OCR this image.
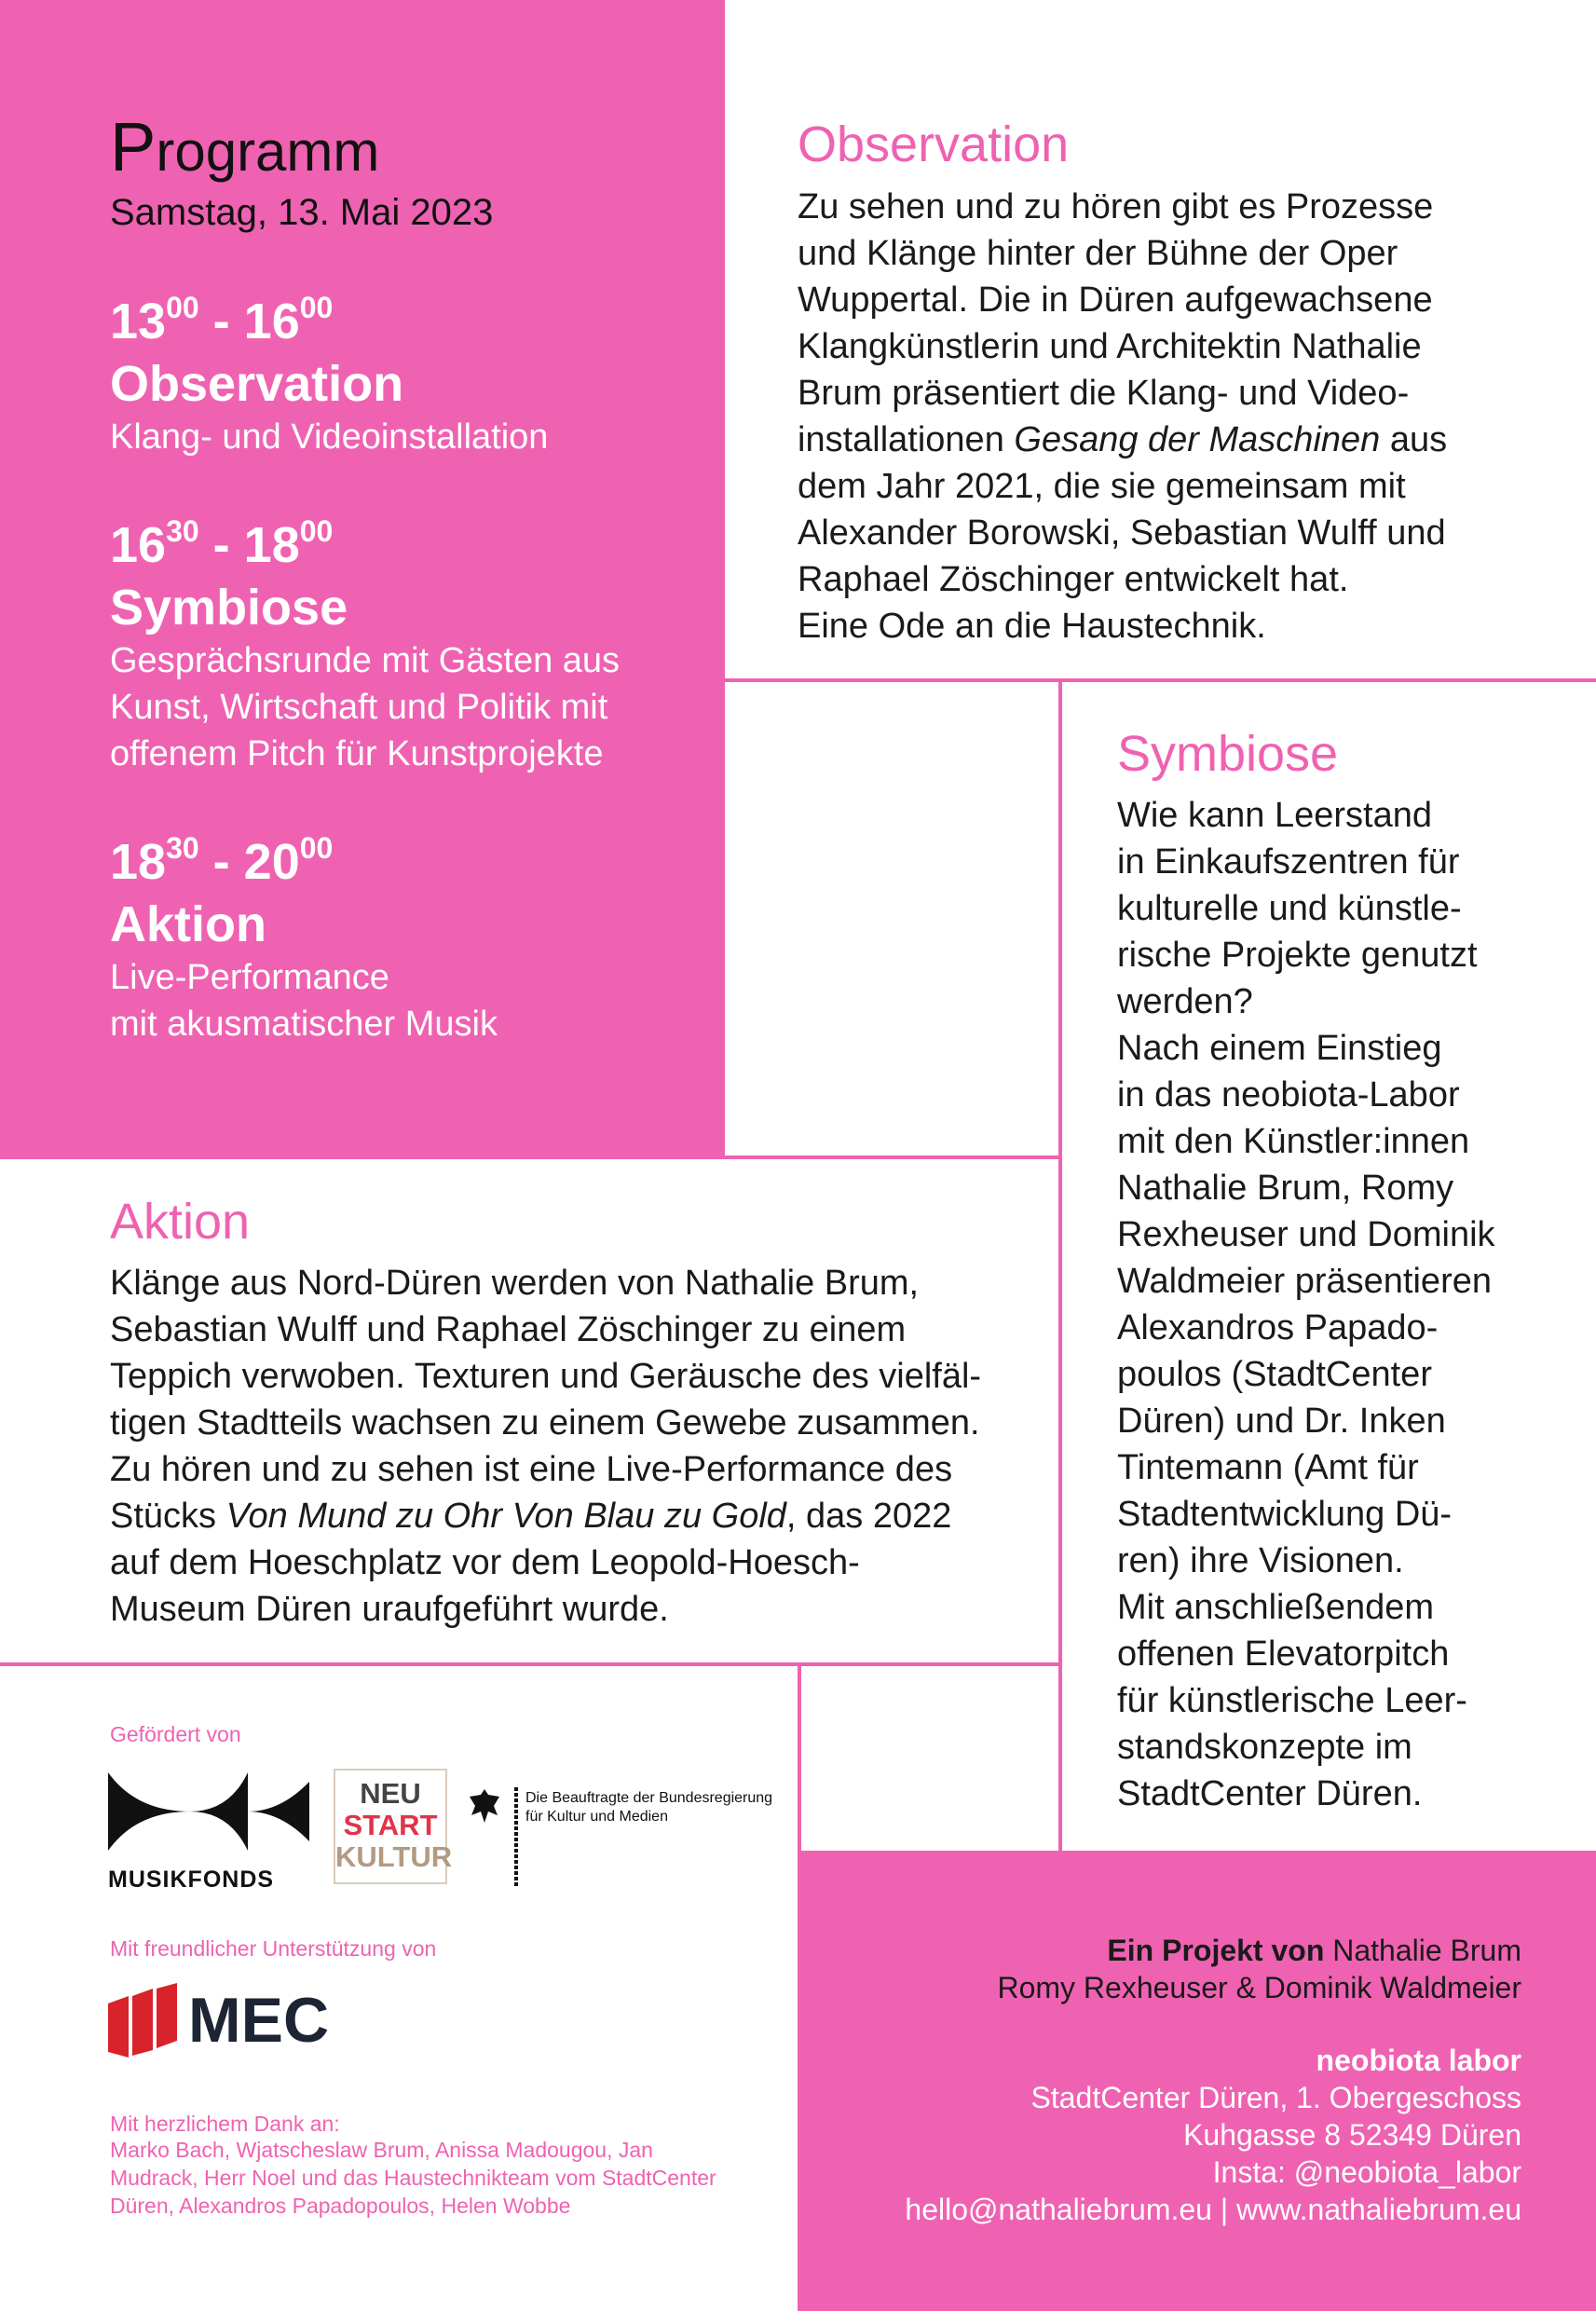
Programm
Samstag, 13. Mai 2023
$13^{00} - 16^{00}$
Observation
Klang- und Videoinstallation
$16^{30} - 18^{00}$
Symbiose
Gesprächsrunde mit Gästen aus
Kunst, Wirtschaft und Politik mit
offenem Pitch für Kunstprojekte
$18^{30} - 20^{00}$
Aktion
Live-Performance
mit akusmatischer Musik
Observation

Zu sehen und zu hören gibt es Prozesse

und Klänge hinter der Bühne der Oper

Wuppertal. Die in Düren aufgewachsene

Klangkünstlerin und Architektin Nathalie

Brum präsentiert die Klang- und Video-

installationen Gesang der Maschinen aus

dem Jahr 2021, die sie gemeinsam mit

Alexander Borowski, Sebastian Wulff und

Raphael Zöschinger entwickelt hat.

Eine Ode an die Haustechnik.

Symbiose

Wie kann Leerstand

in Einkaufszentren für

kulturelle und künstle-

rische Projekte genutzt

werden?

Nach einem Einstieg

in das neobiota-Labor

mit den Künstler:innen

Nathalie Brum, Romy

Rexheuser und Dominik

Waldmeier präsentieren

Alexandros Papado-

poulos (StadtCenter

Düren) und Dr. Inken

Tintemann (Amt für

Stadtentwicklung Dü-

ren) ihre Visionen.

Mit anschließendem

offenen Elevatorpitch

für künstlerische Leer-

standskonzepte im

StadtCenter Düren.

Aktion

Klänge aus Nord-Düren werden von Nathalie Brum,

Sebastian Wulff und Raphael Zöschinger zu einem

Teppich verwoben. Texturen und Geräusche des vielfäl-

tigen Stadtteils wachsen zu einem Gewebe zusammen.

Zu hören und zu sehen ist eine Live-Performance des

Stücks Von Mund zu Ohr Von Blau zu Gold, das 2022

auf dem Hoeschplatz vor dem Leopold-Hoesch-

Museum Düren uraufgeführt wurde.

Gefördert von
MUSIKFONDS
NEU
START
KULTUR
Die Beauftragte der Bundesregierung
für Kultur und Medien
Mit freundlicher Unterstützung von
MEC
Mit herzlichem Dank an:
Marko Bach, Wjatscheslaw Brum, Anissa Madougou, Jan
Mudrack, Herr Noel und das Haustechnikteam vom StadtCenter
Düren, Alexandros Papadopoulos, Helen Wobbe
Ein Projekt von Nathalie Brum
Romy Rexheuser & Dominik Waldmeier
neobiota labor
StadtCenter Düren, 1. Obergeschoss
Kuhgasse 8 52349 Düren
Insta: @neobiota_labor
hello@nathaliebrum.eu | www.nathaliebrum.eu
